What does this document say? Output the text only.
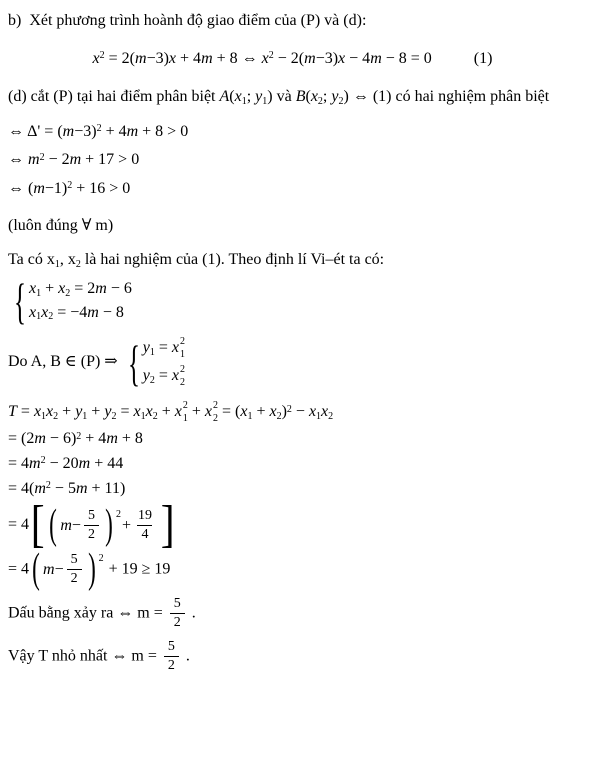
b)  Xét phương trình hoành độ giao điểm của (P) và (d):
$x^2 = 2(m-3)x + 4m + 8$ ⇔ $x^2 - 2(m-3)x - 4m - 8 = 0$	(1)
(d) cắt (P) tại hai điểm phân biệt $A(x_1$; $y_1$) và $B(x_2$; $y_2$) ⇔ (1) có hai nghiệm phân biệt
⇔ $\Delta' = (m-3)^2 + 4m + 8 > 0$
⇔ $m^2 - 2m + 17 > 0$
⇔ $(m-1)^2 + 16 > 0$
(luôn đúng ∀ m)
Ta có $x_1$, $x_2$ là hai nghiệm của (1). Theo định lí Vi–ét ta có:
{ $x_1 + x_2 = 2m - 6$
$x_1x_2 = -4m - 8$
Do A, B ∈ (P) ⇒ { $y_1 = x$ 2
1
$y_2 = x$ 2
2
$T = x_1x_2 + y_1 + y_2 = x_1x_2 + x$ 2
1 + x 2
$2 = (x_1 + x_2)^2 - x_1x_2$
= $(2m - 6)^2 + 4m + 8$
= $4m^2 - 20m + 44$
= $4(m^2 - 5m + 11)$
= 4 [ ( $m - \frac{5}{2}$ ) $^2$
+ $\frac{19}{4}$ ]
= 4 ( $m - \frac{5}{2}$ ) $^2$
+ 19 ≥ 19
Dấu bằng xảy ra ⇔ $m = \frac{5}{2}$ .
Vậy T nhỏ nhất ⇔ $m = \frac{5}{2}$ .
